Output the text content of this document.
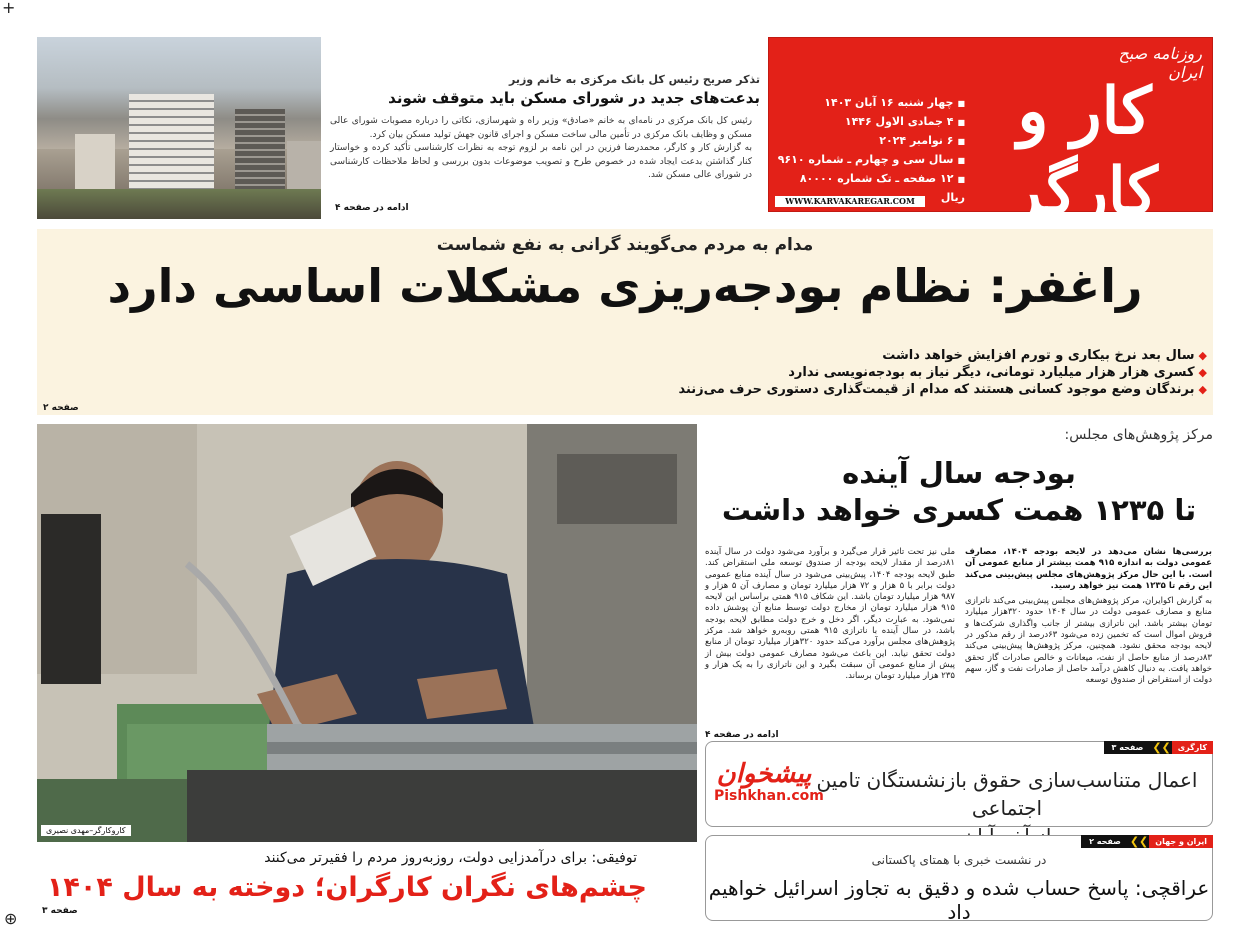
+
⊕
روزنامه صبح ایران
کار و کارگر
■ چهار شنبه ۱۶ آبان ۱۴۰۳
■ ۴ جمادی الاول ۱۴۴۶
■ ۶ نوامبر ۲۰۲۴
■ سال سی و چهارم ـ شماره ۹۶۱۰
■ ۱۲ صفحه ـ تک شماره ۸۰۰۰۰ ریال
WWW.KARVAKAREGAR.COM
تذکر صریح رئیس کل بانک مرکزی به خانم وزیر
بدعت‌های جدید در شورای مسکن باید متوقف شوند

رئیس کل بانک مرکزی در نامه‌ای به خانم «صادق» وزیر راه و شهرسازی، نکاتی را درباره مصوبات شورای عالی مسکن و وظایف بانک مرکزی در تأمین مالی ساخت مسکن و اجرای قانون جهش تولید مسکن بیان کرد.

به گزارش کار و کارگر، محمدرضا فرزین در این نامه بر لزوم توجه به نظرات کارشناسی تأکید کرده و خواستار کنار گذاشتن بدعت ایجاد شده در خصوص طرح و تصویب موضوعات بدون بررسی و لحاظ ملاحظات کارشناسی در شورای عالی مسکن شد.

ادامه در صفحه ۴
مدام به مردم می‌گویند گرانی به نفع شماست
راغفر: نظام بودجه‌ریزی مشکلات اساسی دارد
◆ سال بعد نرخ بیکاری و تورم افزایش خواهد داشت
◆ کسری هزار هزار میلیارد تومانی، دیگر نیاز به بودجه‌نویسی ندارد
◆ برندگان وضع موجود کسانی هستند که مدام از قیمت‌گذاری دستوری حرف می‌زنند
صفحه ۲
کاروکارگر–مهدی نصیری
توفیقی: برای درآمدزایی دولت، روزبه‌روز مردم را فقیرتر می‌کنند
چشم‌های نگران کارگران؛ دوخته به سال ۱۴۰۴
صفحه ۳
مرکز پژوهش‌های مجلس:
بودجه سال آینده
تا ۱۲۳۵ همت کسری خواهد داشت

بررسی‌ها نشان می‌دهد در لایحه بودجه ۱۴۰۴، مصارف عمومی دولت به اندازه ۹۱۵ همت بیشتر از منابع عمومی آن است. با این حال مرکز پژوهش‌های مجلس پیش‌بینی می‌کند این رقم تا ۱۲۳۵ همت نیز خواهد رسید.

به گزارش اکوایران، مرکز پژوهش‌های مجلس پیش‌بینی می‌کند ناترازی منابع و مصارف عمومی دولت در سال ۱۴۰۴ حدود ۳۲۰هزار میلیارد تومان بیشتر باشد. این ناترازی بیشتر از جانب واگذاری شرکت‌ها و فروش اموال است که تخمین زده می‌شود ۶۳درصد از رقم مذکور در لایحه بودجه محقق نشود. همچنین، مرکز پژوهش‌ها پیش‌بینی می‌کند ۸۳درصد از منابع حاصل از نفت، میعانات و خالص صادرات گاز تحقق خواهد یافت. به دنبال کاهش درآمد حاصل از صادرات نفت و گاز، سهم دولت از استقراض از صندوق توسعه

ملی نیز تحت تاثیر قرار می‌گیرد و برآورد می‌شود دولت در سال آینده ۸۱درصد از مقدار لایحه بودجه از صندوق توسعه ملی استقراض کند. طبق لایحه بودجه ۱۴۰۴، پیش‌بینی می‌شود در سال آینده منابع عمومی دولت برابر با ۵ هزار و ۷۲ هزار میلیارد تومان و مصارف آن ۵ هزار و ۹۸۷ هزار میلیارد تومان باشد. این شکاف ۹۱۵ همتی براساس این لایحه ۹۱۵ هزار میلیارد تومان از مخارج دولت توسط منابع آن پوشش داده نمی‌شود. به عبارت دیگر، اگر دخل و خرج دولت مطابق لایحه بودجه باشد، در سال آینده با ناترازی ۹۱۵ همتی روبه‌رو خواهد شد. مرکز پژوهش‌های مجلس برآورد می‌کند حدود ۳۲۰هزار میلیارد تومان از منابع دولت تحقق نیابد. این باعث می‌شود مصارف عمومی دولت بیش از پیش از منابع عمومی آن سبقت بگیرد و این ناترازی را به یک هزار و ۲۳۵ هزار میلیارد تومان برساند.

ادامه در صفحه ۴
کارگری
❯❯
صفحه ۳
اعمال متناسب‌سازی حقوق بازنشستگان تامین اجتماعی
پیشخوان
Pishkhan.com
ایران و جهان
❯❯
صفحه ۲
در نشست خبری با همتای پاکستانی
عراقچی: پاسخ حساب شده و دقیق به تجاوز اسرائیل خواهیم داد
